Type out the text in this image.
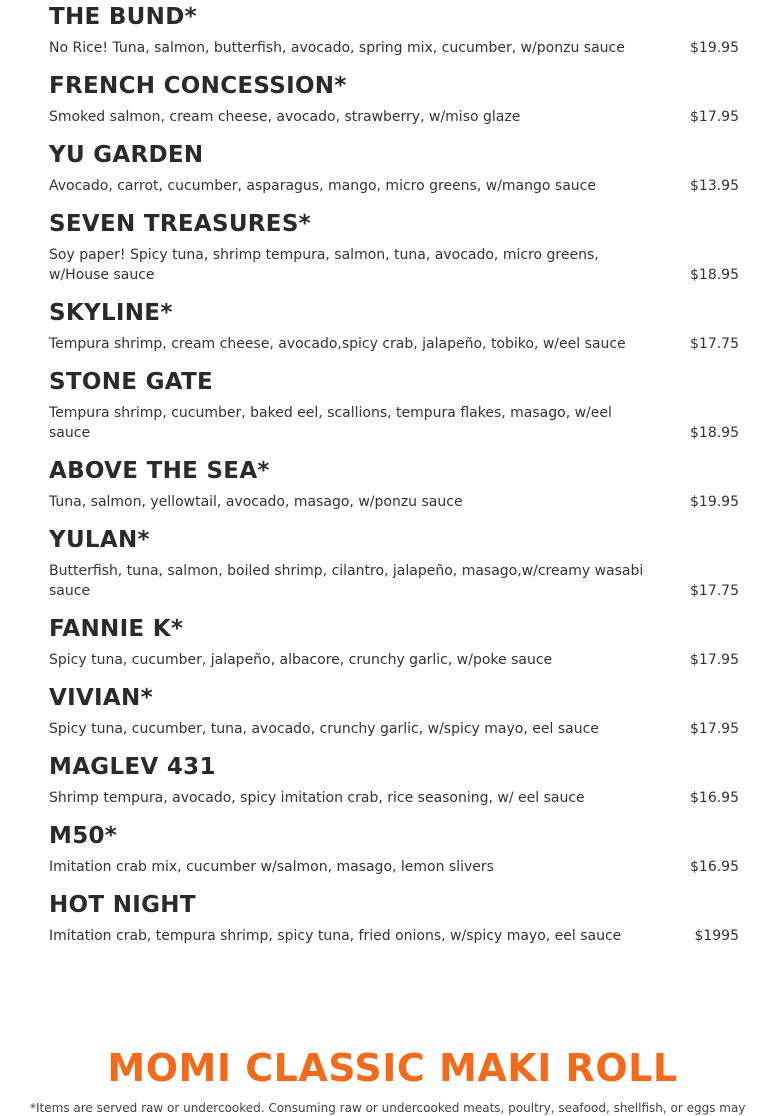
THE BUND*
No Rice! Tuna, salmon, butterfish, avocado, spring mix, cucumber, w/ponzu sauce	$19.95
FRENCH CONCESSION*
Smoked salmon, cream cheese, avocado, strawberry, w/miso glaze	$17.95
YU GARDEN
Avocado, carrot, cucumber, asparagus, mango, micro greens, w/mango sauce	$13.95
SEVEN TREASURES*
Soy paper! Spicy tuna, shrimp tempura, salmon, tuna, avocado, micro greens, w/House sauce	$18.95
SKYLINE*
Tempura shrimp, cream cheese, avocado,spicy crab, jalapeño, tobiko, w/eel sauce	$17.75
STONE GATE
Tempura shrimp, cucumber, baked eel, scallions, tempura flakes, masago, w/eel sauce	$18.95
ABOVE THE SEA*
Tuna, salmon, yellowtail, avocado, masago, w/ponzu sauce	$19.95
YULAN*
Butterfish, tuna, salmon, boiled shrimp, cilantro, jalapeño, masago,w/creamy wasabi sauce	$17.75
FANNIE K*
Spicy tuna, cucumber, jalapeño, albacore, crunchy garlic, w/poke sauce	$17.95
VIVIAN*
Spicy tuna, cucumber, tuna, avocado, crunchy garlic, w/spicy mayo, eel sauce	$17.95
MAGLEV 431
Shrimp tempura, avocado, spicy imitation crab, rice seasoning, w/ eel sauce	$16.95
M50*
Imitation crab mix, cucumber w/salmon, masago, lemon slivers	$16.95
HOT NIGHT
Imitation crab, tempura shrimp, spicy tuna, fried onions, w/spicy mayo, eel sauce	$1995
MOMI CLASSIC MAKI ROLL
*Items are served raw or undercooked. Consuming raw or undercooked meats, poultry, seafood, shellfish, or eggs may
